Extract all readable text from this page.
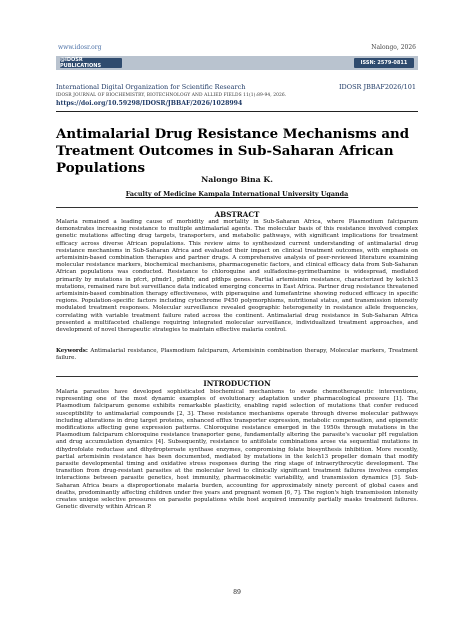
www.idosr.org	Nalongo, 2026
@IDOSR PUBLICATIONS	ISSN: 2579-0811
International Digital Organization for Scientific Research	IDOSR JBBAF2026/101
IDOSR JOURNAL OF BIOCHEMISTRY, BIOTECHNOLOGY AND ALLIED FIELDS 11(1):89-94, 2026.
https://doi.org/10.59298/IDOSR/JBBAF/2026/1028994
Antimalarial Drug Resistance Mechanisms and Treatment Outcomes in Sub-Saharan African Populations
Nalongo Bina K.
Faculty of Medicine Kampala International University Uganda
ABSTRACT

Malaria remained a leading cause of morbidity and mortality in Sub-Saharan Africa, where Plasmodium falciparum demonstrates increasing resistance to multiple antimalarial agents. The molecular basis of this resistance involved complex genetic mutations affecting drug targets, transporters, and metabolic pathways, with significant implications for treatment efficacy across diverse African populations. This review aims to synthesized current understanding of antimalarial drug resistance mechanisms in Sub-Saharan Africa and evaluated their impact on clinical treatment outcomes, with emphasis on artemisinin-based combination therapies and partner drugs. A comprehensive analysis of peer-reviewed literature examining molecular resistance markers, biochemical mechanisms, pharmacogenetic factors, and clinical efficacy data from Sub-Saharan African populations was conducted. Resistance to chloroquine and sulfadoxine-pyrimethamine is widespread, mediated primarily by mutations in pfcrt, pfmdr1, pfdhfr, and pfdhps genes. Partial artemisinin resistance, characterized by kelch13 mutations, remained rare but surveillance data indicated emerging concerns in East Africa. Partner drug resistance threatened artemisinin-based combination therapy effectiveness, with piperaquine and lumefantrine showing reduced efficacy in specific regions. Population-specific factors including cytochrome P450 polymorphisms, nutritional status, and transmission intensity modulated treatment responses. Molecular surveillance revealed geographic heterogeneity in resistance allele frequencies, correlating with variable treatment failure rated across the continent. Antimalarial drug resistance in Sub-Saharan Africa presented a multifaceted challenge requiring integrated molecular surveillance, individualized treatment approaches, and development of novel therapeutic strategies to maintain effective malaria control.

Keywords: Antimalarial resistance, Plasmodium falciparum, Artemisinin combination therapy, Molecular markers, Treatment failure.

INTRODUCTION

Malaria parasites have developed sophisticated biochemical mechanisms to evade chemotherapeutic interventions, representing one of the most dynamic examples of evolutionary adaptation under pharmacological pressure [1]. The Plasmodium falciparum genome exhibits remarkable plasticity, enabling rapid selection of mutations that confer reduced susceptibility to antimalarial compounds [2, 3]. These resistance mechanisms operate through diverse molecular pathways including alterations in drug target proteins, enhanced efflux transporter expression, metabolic compensation, and epigenetic modifications affecting gene expression patterns. Chloroquine resistance emerged in the 1950s through mutations in the Plasmodium falciparum chloroquine resistance transporter gene, fundamentally altering the parasite's vacuolar pH regulation and drug accumulation dynamics [4]. Subsequently, resistance to antifolate combinations arose via sequential mutations in dihydrofolate reductase and dihydropteroate synthase enzymes, compromising folate biosynthesis inhibition. More recently, partial artemisinin resistance has been documented, mediated by mutations in the kelch13 propeller domain that modify parasite developmental timing and oxidative stress responses during the ring stage of intraerythrocytic development. The transition from drug-resistant parasites at the molecular level to clinically significant treatment failures involves complex interactions between parasite genetics, host immunity, pharmacokinetic variability, and transmission dynamics [5]. Sub-Saharan Africa bears a disproportionate malaria burden, accounting for approximately ninety percent of global cases and deaths, predominantly affecting children under five years and pregnant women [6, 7]. The region's high transmission intensity creates unique selective pressures on parasite populations while host acquired immunity partially masks treatment failures. Genetic diversity within African P.

89
